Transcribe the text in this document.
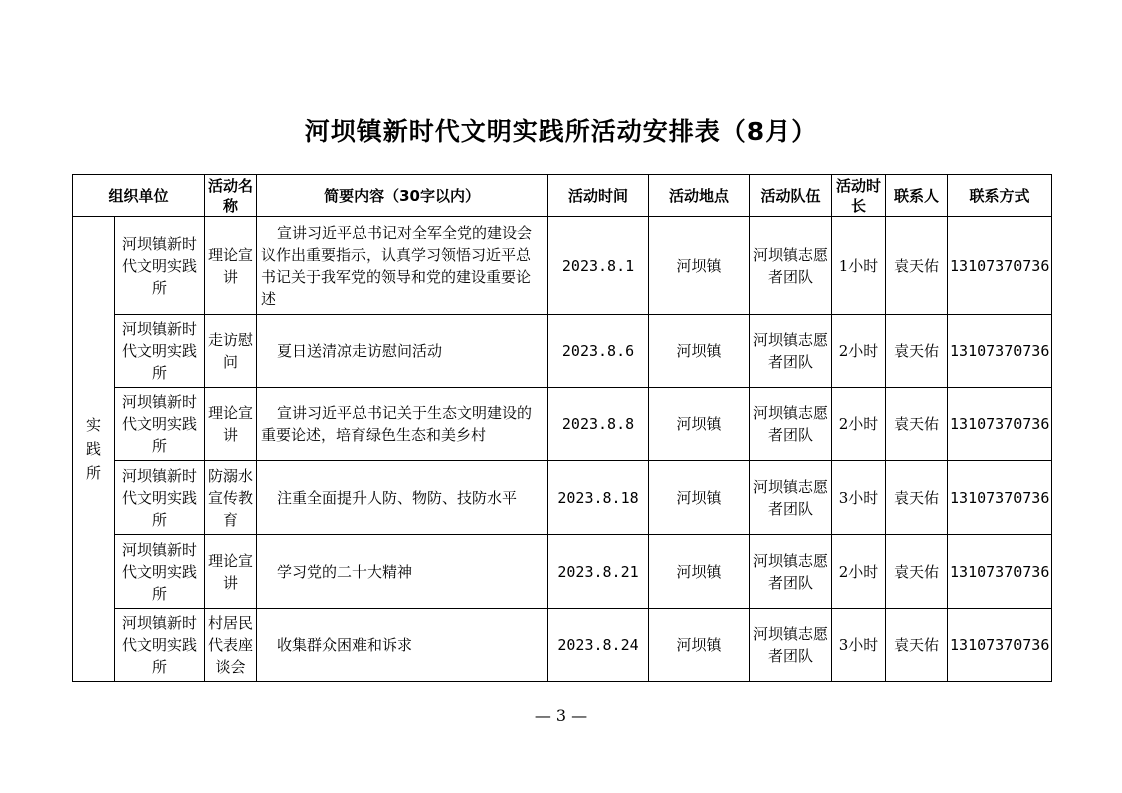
河坝镇新时代文明实践所活动安排表（8月）
组织单位		活动名称	简要内容（30字以内）	活动时间	活动地点	活动队伍	活动时长	联系人	联系方式

实践所	河坝镇新时代文明实践所	理论宣讲	宣讲习近平总书记对全军全党的建设会议作出重要指示，认真学习领悟习近平总书记关于我军党的领导和党的建设重要论述	2023.8.1	河坝镇	河坝镇志愿者团队	1小时	袁天佑	13107370736
	河坝镇新时代文明实践所	走访慰问	夏日送清凉走访慰问活动	2023.8.6	河坝镇	河坝镇志愿者团队	2小时	袁天佑	13107370736
	河坝镇新时代文明实践所	理论宣讲	宣讲习近平总书记关于生态文明建设的重要论述，培育绿色生态和美乡村	2023.8.8	河坝镇	河坝镇志愿者团队	2小时	袁天佑	13107370736
	河坝镇新时代文明实践所	防溺水宣传教育	注重全面提升人防、物防、技防水平	2023.8.18	河坝镇	河坝镇志愿者团队	3小时	袁天佑	13107370736
	河坝镇新时代文明实践所	理论宣讲	学习党的二十大精神	2023.8.21	河坝镇	河坝镇志愿者团队	2小时	袁天佑	13107370736
	河坝镇新时代文明实践所	村居民代表座谈会	收集群众困难和诉求	2023.8.24	河坝镇	河坝镇志愿者团队	3小时	袁天佑	13107370736
— 3 —
